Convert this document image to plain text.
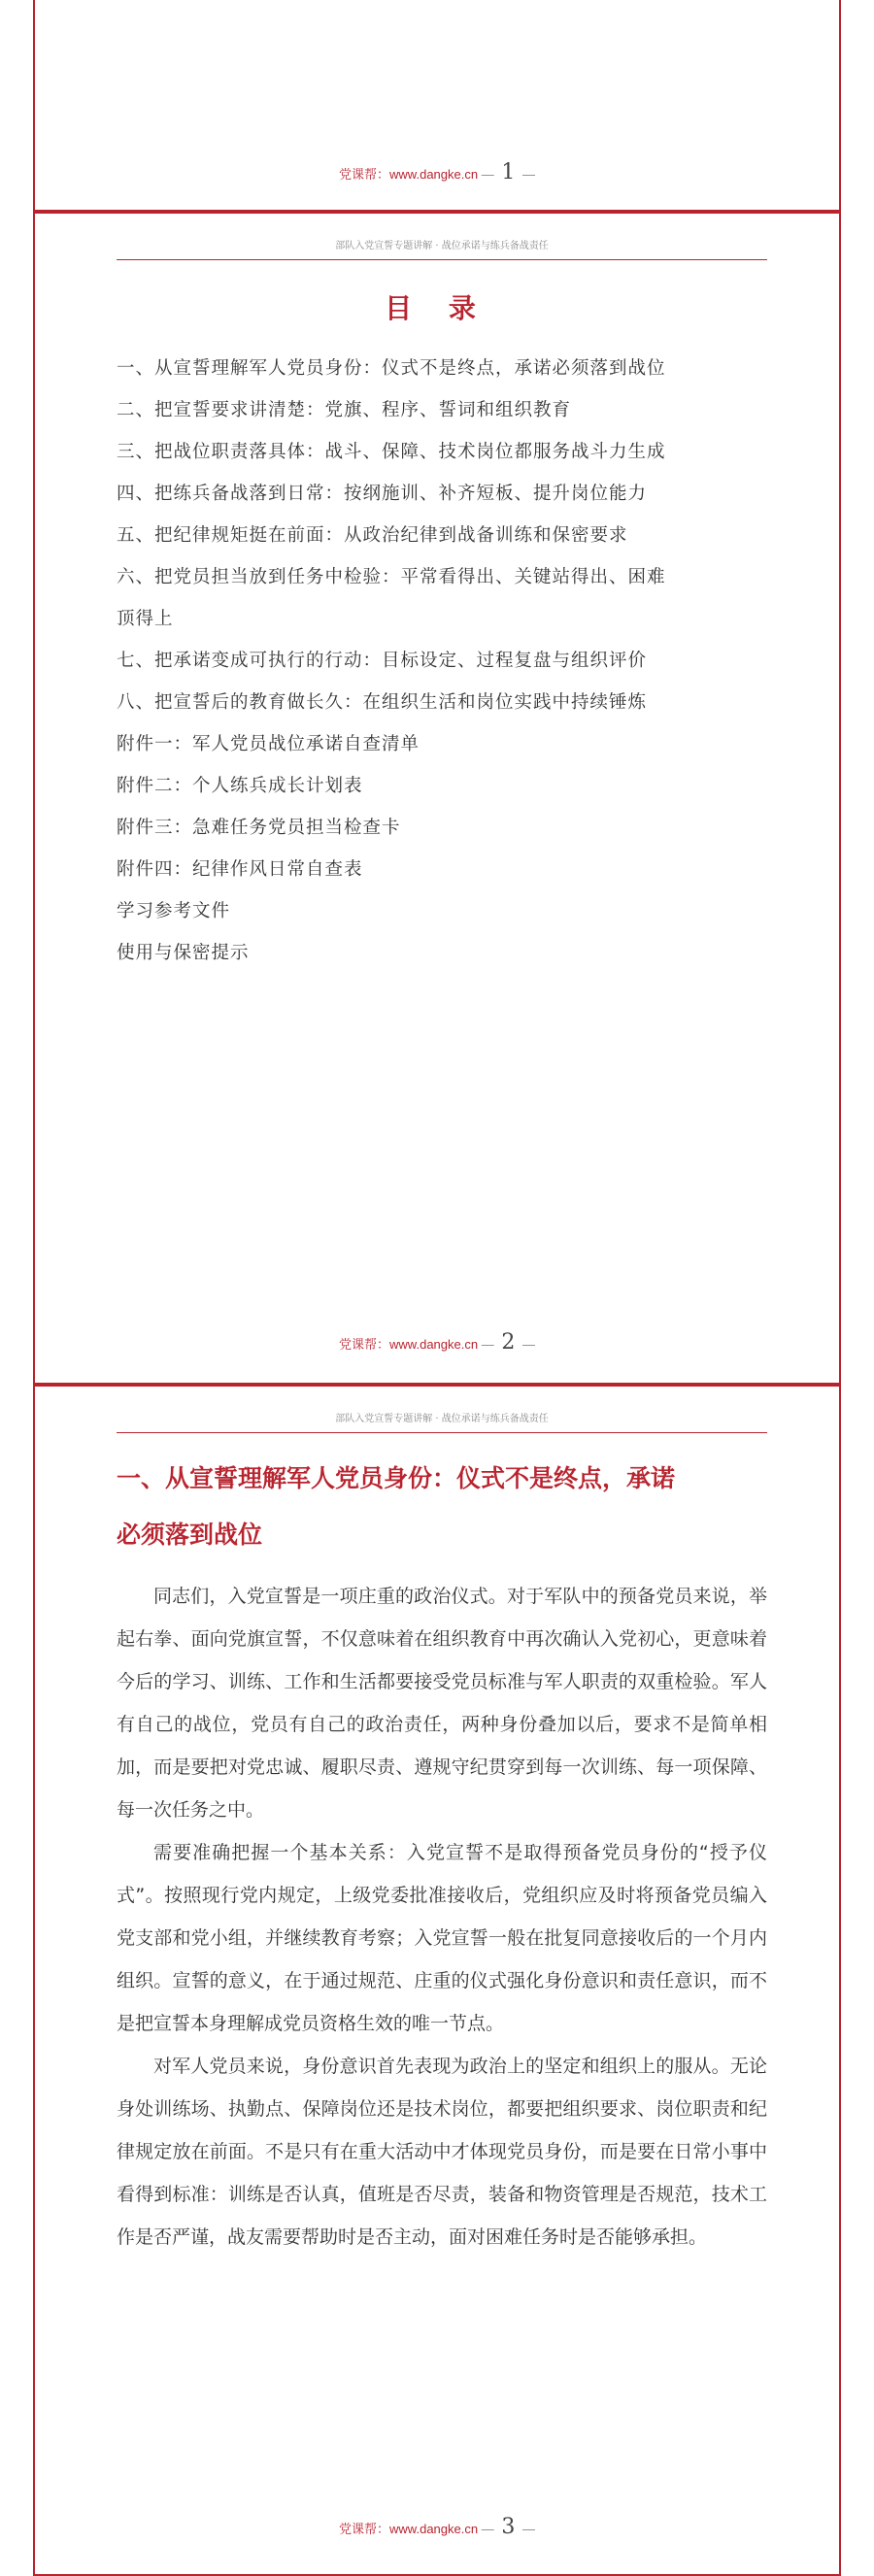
党课帮：www.dangke.cn — 1 —
部队入党宣誓专题讲解 · 战位承诺与练兵备战责任
目 录
一、从宣誓理解军人党员身份：仪式不是终点，承诺必须落到战位
二、把宣誓要求讲清楚：党旗、程序、誓词和组织教育
三、把战位职责落具体：战斗、保障、技术岗位都服务战斗力生成
四、把练兵备战落到日常：按纲施训、补齐短板、提升岗位能力
五、把纪律规矩挺在前面：从政治纪律到战备训练和保密要求
六、把党员担当放到任务中检验：平常看得出、关键站得出、困难
顶得上
七、把承诺变成可执行的行动：目标设定、过程复盘与组织评价
八、把宣誓后的教育做长久：在组织生活和岗位实践中持续锤炼
附件一：军人党员战位承诺自查清单
附件二：个人练兵成长计划表
附件三：急难任务党员担当检查卡
附件四：纪律作风日常自查表
学习参考文件
使用与保密提示
党课帮：www.dangke.cn — 2 —
部队入党宣誓专题讲解 · 战位承诺与练兵备战责任
一、从宣誓理解军人党员身份：仪式不是终点，承诺
必须落到战位

同志们，入党宣誓是一项庄重的政治仪式。对于军队中的预备党员来说，举起右拳、面向党旗宣誓，不仅意味着在组织教育中再次确认入党初心，更意味着今后的学习、训练、工作和生活都要接受党员标准与军人职责的双重检验。军人有自己的战位，党员有自己的政治责任，两种身份叠加以后，要求不是简单相加，而是要把对党忠诚、履职尽责、遵规守纪贯穿到每一次训练、每一项保障、每一次任务之中。

需要准确把握一个基本关系：入党宣誓不是取得预备党员身份的“授予仪式”。按照现行党内规定，上级党委批准接收后，党组织应及时将预备党员编入党支部和党小组，并继续教育考察；入党宣誓一般在批复同意接收后的一个月内组织。宣誓的意义，在于通过规范、庄重的仪式强化身份意识和责任意识，而不是把宣誓本身理解成党员资格生效的唯一节点。

对军人党员来说，身份意识首先表现为政治上的坚定和组织上的服从。无论身处训练场、执勤点、保障岗位还是技术岗位，都要把组织要求、岗位职责和纪律规定放在前面。不是只有在重大活动中才体现党员身份，而是要在日常小事中看得到标准：训练是否认真，值班是否尽责，装备和物资管理是否规范，技术工作是否严谨，战友需要帮助时是否主动，面对困难任务时是否能够承担。

党课帮：www.dangke.cn — 3 —
